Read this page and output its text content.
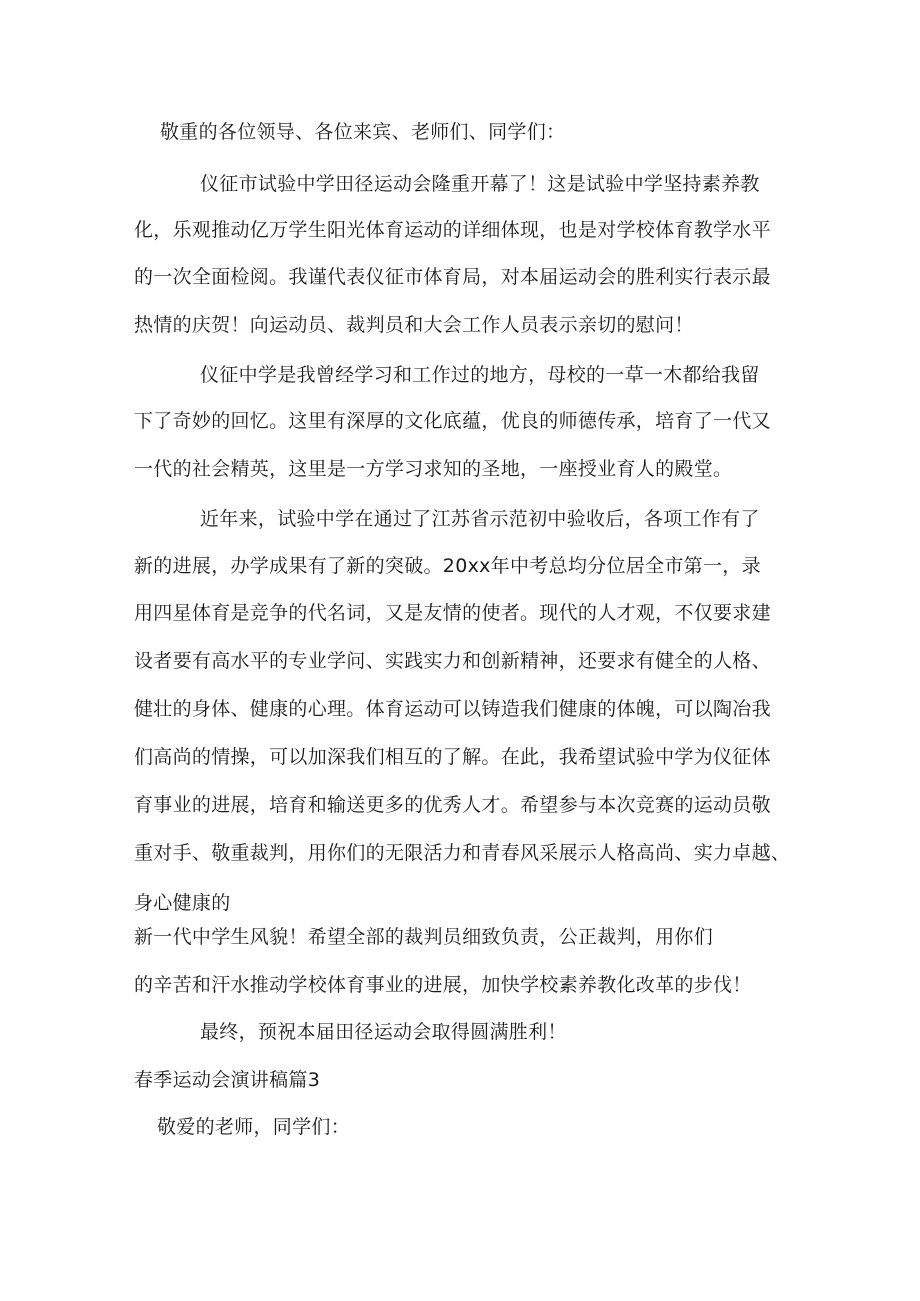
敬重的各位领导、各位来宾、老师们、同学们：

仪征市试验中学田径运动会隆重开幕了！这是试验中学坚持素养教

化，乐观推动亿万学生阳光体育运动的详细体现，也是对学校体育教学水平

的一次全面检阅。我谨代表仪征市体育局，对本届运动会的胜利实行表示最

热情的庆贺！向运动员、裁判员和大会工作人员表示亲切的慰问！

仪征中学是我曾经学习和工作过的地方，母校的一草一木都给我留

下了奇妙的回忆。这里有深厚的文化底蕴，优良的师德传承，培育了一代又

一代的社会精英，这里是一方学习求知的圣地，一座授业育人的殿堂。

近年来，试验中学在通过了江苏省示范初中验收后，各项工作有了

新的进展，办学成果有了新的突破。20xx年中考总均分位居全市第一，录

用四星体育是竞争的代名词，又是友情的使者。现代的人才观，不仅要求建

设者要有高水平的专业学问、实践实力和创新精神，还要求有健全的人格、

健壮的身体、健康的心理。体育运动可以铸造我们健康的体魄，可以陶冶我

们高尚的情操，可以加深我们相互的了解。在此，我希望试验中学为仪征体

育事业的进展，培育和输送更多的优秀人才。希望参与本次竞赛的运动员敬

重对手、敬重裁判，用你们的无限活力和青春风采展示人格高尚、实力卓越、

身心健康的

新一代中学生风貌！希望全部的裁判员细致负责，公正裁判，用你们

的辛苦和汗水推动学校体育事业的进展，加快学校素养教化改革的步伐！

最终，预祝本届田径运动会取得圆满胜利！

春季运动会演讲稿篇3

敬爱的老师，同学们：
